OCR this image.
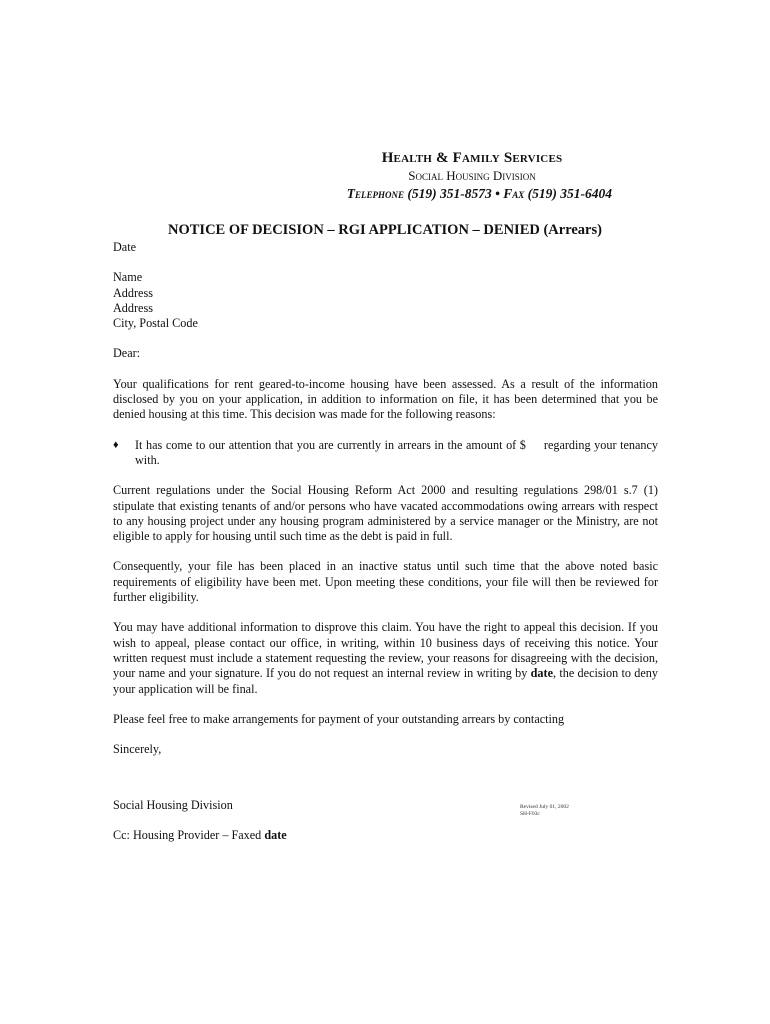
Health & Family Services
Social Housing Division
Telephone (519) 351-8573 • Fax (519) 351-6404
NOTICE OF DECISION – RGI APPLICATION – DENIED (Arrears)

Date

Name

Address

Address

City, Postal Code

Dear:

Your qualifications for rent geared-to-income housing have been assessed. As a result of the information disclosed by you on your application, in addition to information on file, it has been determined that you be denied housing at this time. This decision was made for the following reasons:

♦	It has come to our attention that you are currently in arrears in the amount of $ regarding your tenancy with.

Current regulations under the Social Housing Reform Act 2000 and resulting regulations 298/01 s.7 (1) stipulate that existing tenants of and/or persons who have vacated accommodations owing arrears with respect to any housing project under any housing program administered by a service manager or the Ministry, are not eligible to apply for housing until such time as the debt is paid in full.

Consequently, your file has been placed in an inactive status until such time that the above noted basic requirements of eligibility have been met. Upon meeting these conditions, your file will then be reviewed for further eligibility.

You may have additional information to disprove this claim. You have the right to appeal this decision. If you wish to appeal, please contact our office, in writing, within 10 business days of receiving this notice. Your written request must include a statement requesting the review, your reasons for disagreeing with the decision, your name and your signature. If you do not request an internal review in writing by date, the decision to deny your application will be final.

Please feel free to make arrangements for payment of your outstanding arrears by contacting

Sincerely,

Social Housing Division	Revised July 01, 2002
SH-F03c
Cc: Housing Provider – Faxed date
